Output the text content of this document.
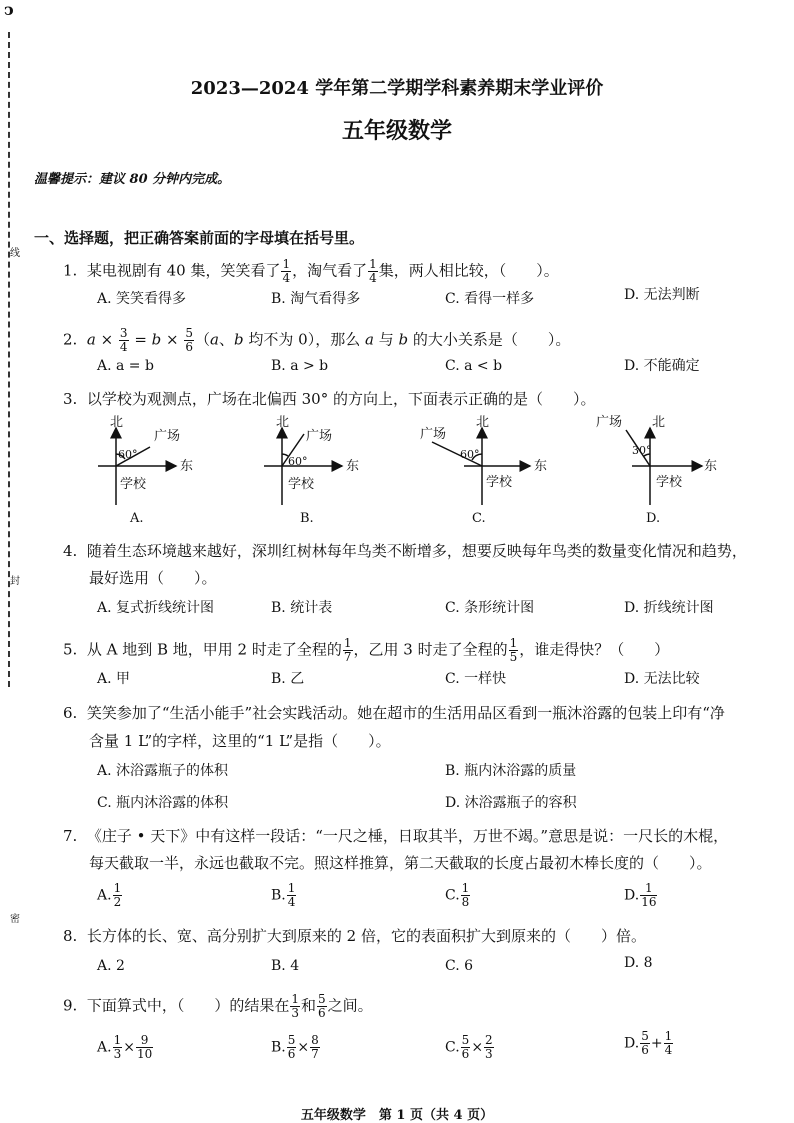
ↄ
线
封
密
2023—2024 学年第二学期学科素养期末学业评价
五年级数学
温馨提示：建议 80 分钟内完成。
一、选择题，把正确答案前面的字母填在括号里。
1. 某电视剧有 40 集，笑笑看了 $\frac{1}{4}$ ，淘气看了 $\frac{1}{4}$ 集，两人相比较，（　　）。
A. 笑笑看得多	B. 淘气看得多	C. 看得一样多	D. 无法判断
2. $a \times \frac{3}{4} = b \times \frac{5}{6} (a$、b 均不为 0），那么 a 与 b 的大小关系是（　　）。
A. a = b	B. a > b	C. a < b	D. 不能确定
3. 以学校为观测点，广场在北偏西 30° 的方向上，下面表示正确的是（　　）。
北
东
广场
学校
60°
A.
北
东
广场
学校
60°
B.
北
东
广场
学校
60°
C.
北
东
广场
学校
30°
D.
4. 随着生态环境越来越好，深圳红树林每年鸟类不断增多，想要反映每年鸟类的数量变化情况和趋势，
最好选用（　　）。
A. 复式折线统计图	B. 统计表	C. 条形统计图	D. 折线统计图
5. 从 A 地到 B 地，甲用 2 时走了全程的 $\frac{1}{7}$ ，乙用 3 时走了全程的 $\frac{1}{5}$ ，谁走得快？（　　）
A. 甲	B. 乙	C. 一样快	D. 无法比较
6. 笑笑参加了“生活小能手”社会实践活动。她在超市的生活用品区看到一瓶沐浴露的包装上印有“净
含量 1 L”的字样，这里的“1 L”是指（　　）。
A. 沐浴露瓶子的体积	B. 瓶内沐浴露的质量
C. 瓶内沐浴露的体积	D. 沐浴露瓶子的容积
7. 《庄子 • 天下》中有这样一段话：“一尺之棰，日取其半，万世不竭。”意思是说：一尺长的木棍，
每天截取一半，永远也截取不完。照这样推算，第二天截取的长度占最初木棒长度的（　　）。
A. $\frac{1}{2}$	B. $\frac{1}{4}$	C. $\frac{1}{8}$	D. $\frac{1}{16}$
8. 长方体的长、宽、高分别扩大到原来的 2 倍，它的表面积扩大到原来的（　　）倍。
A. 2	B. 4	C. 6	D. 8
9. 下面算式中，（　　）的结果在 $\frac{1}{3}$ 和 $\frac{5}{6}$ 之间。
A. $\frac{1}{3} \times \frac{9}{10}$	B. $\frac{5}{6} \times \frac{8}{7}$	C. $\frac{5}{6} \times \frac{2}{3}$	D. $\frac{5}{6} + \frac{1}{4}$
五年级数学　第 1 页（共 4 页）
